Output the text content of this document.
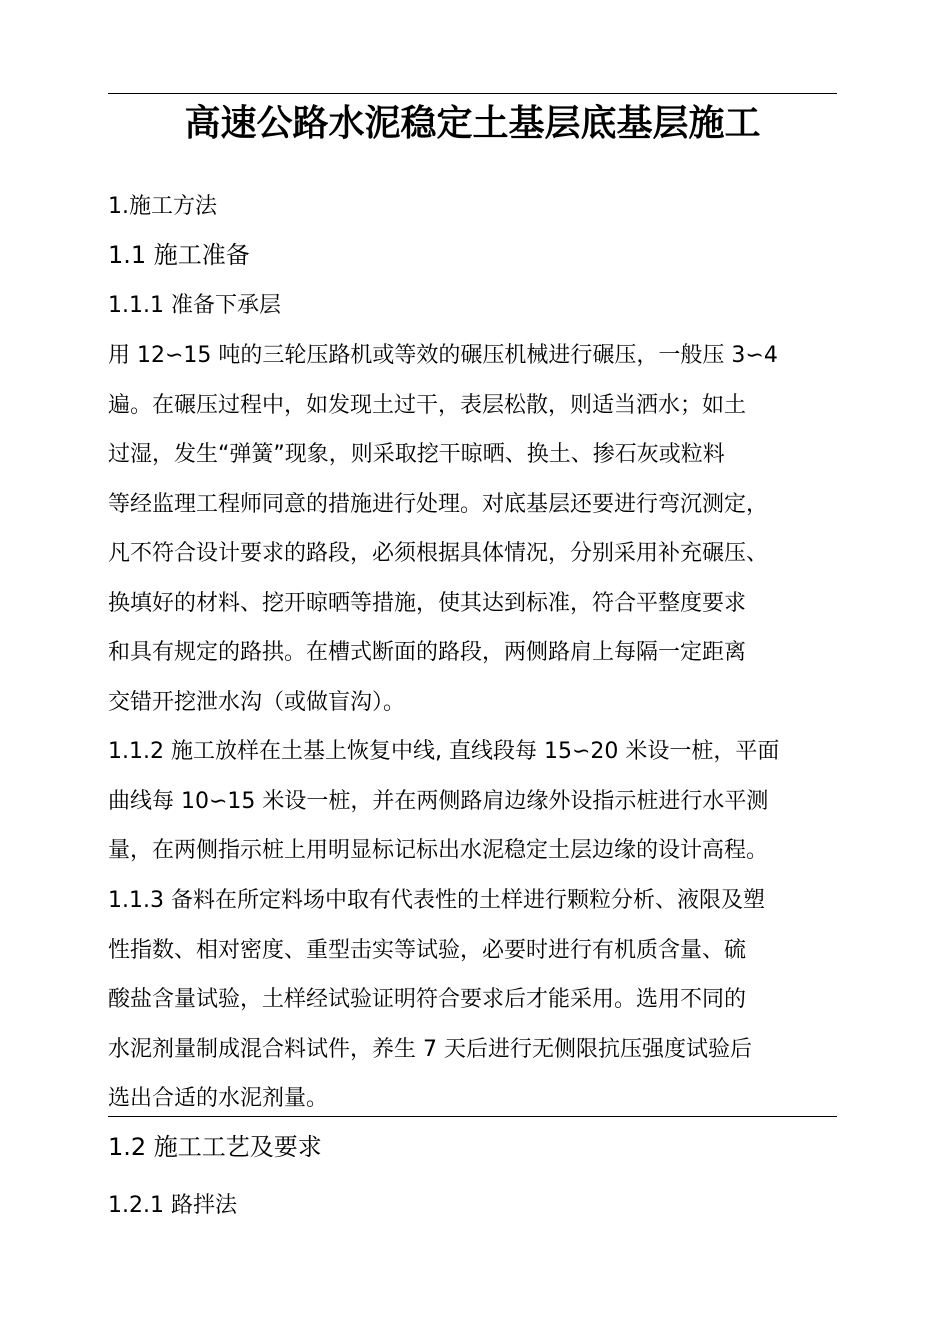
高速公路水泥稳定土基层底基层施工
1.施工方法
1.1 施工准备
1.1.1 准备下承层
用 12∽15 吨的三轮压路机或等效的碾压机械进行碾压，一般压 3∽4
遍。在碾压过程中，如发现土过干，表层松散，则适当洒水；如土
过湿，发生“弹簧”现象，则采取挖干晾晒、换土、掺石灰或粒料
等经监理工程师同意的措施进行处理。对底基层还要进行弯沉测定，
凡不符合设计要求的路段，必须根据具体情况，分别采用补充碾压、
换填好的材料、挖开晾晒等措施，使其达到标准，符合平整度要求
和具有规定的路拱。在槽式断面的路段，两侧路肩上每隔一定距离
交错开挖泄水沟（或做盲沟）。
1.1.2 施工放样在土基上恢复中线, 直线段每 15∽20 米设一桩，平面
曲线每 10∽15 米设一桩，并在两侧路肩边缘外设指示桩进行水平测
量，在两侧指示桩上用明显标记标出水泥稳定土层边缘的设计高程。
1.1.3 备料在所定料场中取有代表性的土样进行颗粒分析、液限及塑
性指数、相对密度、重型击实等试验，必要时进行有机质含量、硫
酸盐含量试验，土样经试验证明符合要求后才能采用。选用不同的
水泥剂量制成混合料试件，养生 7 天后进行无侧限抗压强度试验后
选出合适的水泥剂量。
1.2 施工工艺及要求
1.2.1 路拌法
